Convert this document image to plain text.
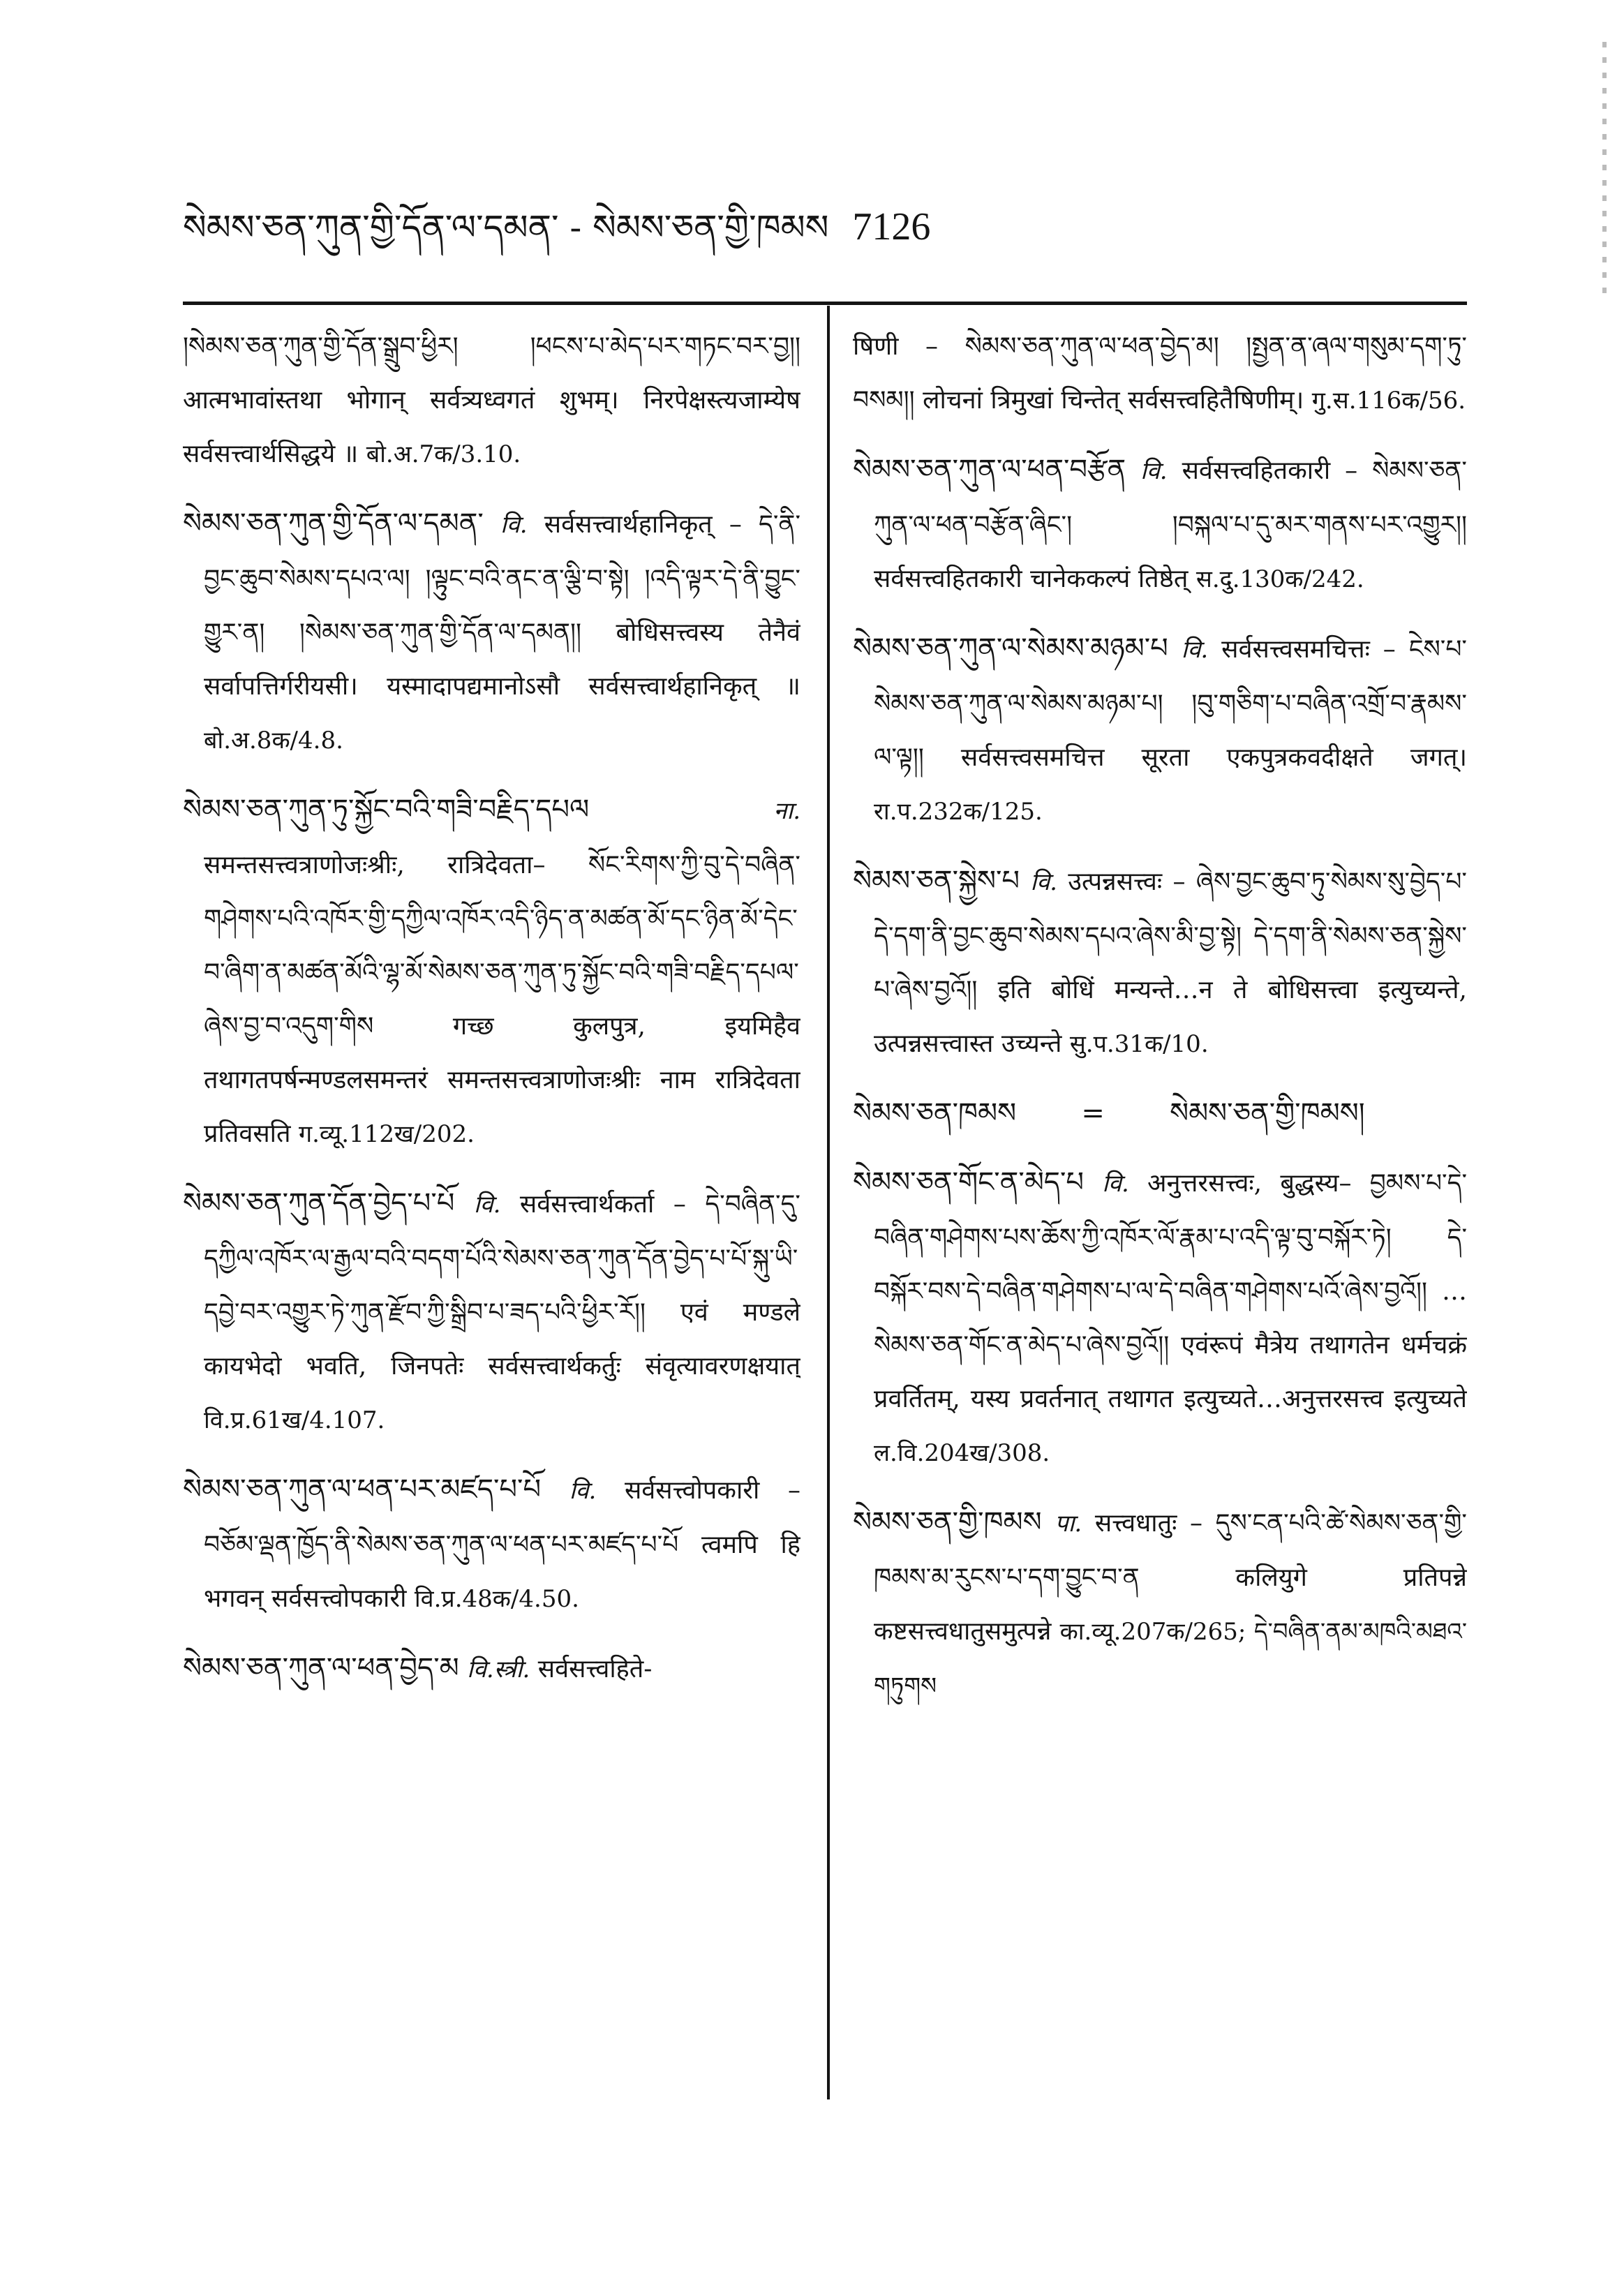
སེམས་ཅན་ཀུན་གྱི་དོན་ལ་དམན་ - སེམས་ཅན་གྱི་ཁམས 7126

།སེམས་ཅན་ཀུན་གྱི་དོན་སྒྲུབ་ཕྱིར། །ཕངས་པ་མེད་པར་གཏང་བར་བྱ།། आत्मभावांस्तथा भोगान् सर्वत्र्यध्वगतं शुभम्। निरपेक्षस्त्यजाम्येष सर्वसत्त्वार्थसिद्धये ॥ बो.अ.7क/3.10.

སེམས་ཅན་ཀུན་གྱི་དོན་ལ་དམན་ वि. सर्वसत्त्वार्थहानिकृत् – དེ་ནི་བྱང་ཆུབ་སེམས་དཔའ་ལ། །ལྟུང་བའི་ནང་ན་ལྕི་བ་སྟེ། །འདི་ལྟར་དེ་ནི་བྱུང་གྱུར་ན། །སེམས་ཅན་ཀུན་གྱི་དོན་ལ་དམན།། बोधिसत्त्वस्य तेनैवं सर्वापत्तिर्गरीयसी। यस्मादापद्यमानोऽसौ सर्वसत्त्वार्थहानिकृत् ॥ बो.अ.8क/4.8.

སེམས་ཅན་ཀུན་ཏུ་སྐྱོང་བའི་གཟི་བརྗིད་དཔལ	ना. समन्तसत्त्वत्राणोजःश्रीः, रात्रिदेवता– སོང་རིགས་ཀྱི་བུ་དེ་བཞིན་གཤེགས་པའི་འཁོར་གྱི་དཀྱིལ་འཁོར་འདི་ཉིད་ན་མཚན་མོ་དང་ཉིན་མོ་དེང་བ་ཞིག་ན་མཚན་མོའི་ལྷ་མོ་སེམས་ཅན་ཀུན་ཏུ་སྐྱོང་བའི་གཟི་བརྗིད་དཔལ་ཞེས་བྱ་བ་འདུག་གིས गच्छ कुलपुत्र, इयमिहैव तथागतपर्षन्मण्डलसमन्तरं समन्तसत्त्वत्राणोजःश्रीः नाम रात्रिदेवता प्रतिवसति ग.व्यू.112ख/202.

སེམས་ཅན་ཀུན་དོན་བྱེད་པ་པོ वि. सर्वसत्त्वार्थकर्ता – དེ་བཞིན་དུ་དཀྱིལ་འཁོར་ལ་རྒྱལ་བའི་བདག་པོའི་སེམས་ཅན་ཀུན་དོན་བྱེད་པ་པོ་སྐུ་ཡི་དབྱེ་བར་འགྱུར་ཏེ་ཀུན་རྫོབ་ཀྱི་སྒྲིབ་པ་ཟད་པའི་ཕྱིར་རོ།། एवं मण्डले कायभेदो भवति, जिनपतेः सर्वसत्त्वार्थकर्तुः संवृत्यावरणक्षयात् वि.प्र.61ख/4.107.

སེམས་ཅན་ཀུན་ལ་ཕན་པར་མཛད་པ་པོ वि. सर्वसत्त्वोपकारी – བཅོམ་ལྡན་ཁྱོད་ནི་སེམས་ཅན་ཀུན་ལ་ཕན་པར་མཛད་པ་པོ त्वमपि हि भगवन् सर्वसत्त्वोपकारी वि.प्र.48क/4.50.

སེམས་ཅན་ཀུན་ལ་ཕན་བྱེད་མ वि.स्त्री. सर्वसत्त्वहिते-

षिणी – སེམས་ཅན་ཀུན་ལ་ཕན་བྱེད་མ། །སྤྱན་ན་ཞལ་གསུམ་དག་ཏུ་བསམ།། लोचनां त्रिमुखां चिन्तेत् सर्वसत्त्वहितैषिणीम्। गु.स.116क/56.

སེམས་ཅན་ཀུན་ལ་ཕན་བརྩོན वि. सर्वसत्त्वहितकारी – སེམས་ཅན་ཀུན་ལ་ཕན་བརྩོན་ཞིང་། །བསྐལ་པ་དུ་མར་གནས་པར་འགྱུར།། सर्वसत्त्वहितकारी चानेककल्पं तिष्ठेत् स.दु.130क/242.

སེམས་ཅན་ཀུན་ལ་སེམས་མཉམ་པ वि. सर्वसत्त्वसमचित्तः – ངེས་པ་སེམས་ཅན་ཀུན་ལ་སེམས་མཉམ་པ། །བུ་གཅིག་པ་བཞིན་འགྲོ་བ་རྣམས་ལ་ལྟ།། सर्वसत्त्वसमचित्त सूरता एकपुत्रकवदीक्षते जगत्। रा.प.232क/125.

སེམས་ཅན་སྐྱེས་པ वि. उत्पन्नसत्त्वः – ཞེས་བྱང་ཆུབ་ཏུ་སེམས་སུ་བྱེད་པ་དེ་དག་ནི་བྱང་ཆུབ་སེམས་དཔའ་ཞེས་མི་བྱ་སྟེ། དེ་དག་ནི་སེམས་ཅན་སྐྱེས་པ་ཞེས་བྱའོ།། इति बोधिं मन्यन्ते…न ते बोधिसत्त्वा इत्युच्यन्ते, उत्पन्नसत्त्वास्त उच्यन्ते सु.प.31क/10.

སེམས་ཅན་ཁམས	=	སེམས་ཅན་གྱི་ཁམས།

སེམས་ཅན་གོང་ན་མེད་པ वि. अनुत्तरसत्त्वः, बुद्धस्य– བྱམས་པ་དེ་བཞིན་གཤེགས་པས་ཆོས་ཀྱི་འཁོར་ལོ་རྣམ་པ་འདི་ལྟ་བུ་བསྐོར་ཏེ། དེ་བསྐོར་བས་དེ་བཞིན་གཤེགས་པ་ལ་དེ་བཞིན་གཤེགས་པའོ་ཞེས་བྱའོ།། …སེམས་ཅན་གོང་ན་མེད་པ་ཞེས་བྱའོ།། एवंरूपं मैत्रेय तथागतेन धर्मचक्रं प्रवर्तितम्, यस्य प्रवर्तनात् तथागत इत्युच्यते…अनुत्तरसत्त्व इत्युच्यते ल.वि.204ख/308.

སེམས་ཅན་གྱི་ཁམས पा. सत्त्वधातुः – དུས་ངན་པའི་ཚེ་སེམས་ཅན་གྱི་ཁམས་མ་རུངས་པ་དག་བྱུང་བ་ན कलियुगे प्रतिपन्ने कष्टसत्त्वधातुसमुत्पन्ने का.व्यू.207क/265; དེ་བཞིན་ནམ་མཁའི་མཐའ་གཏུགས
